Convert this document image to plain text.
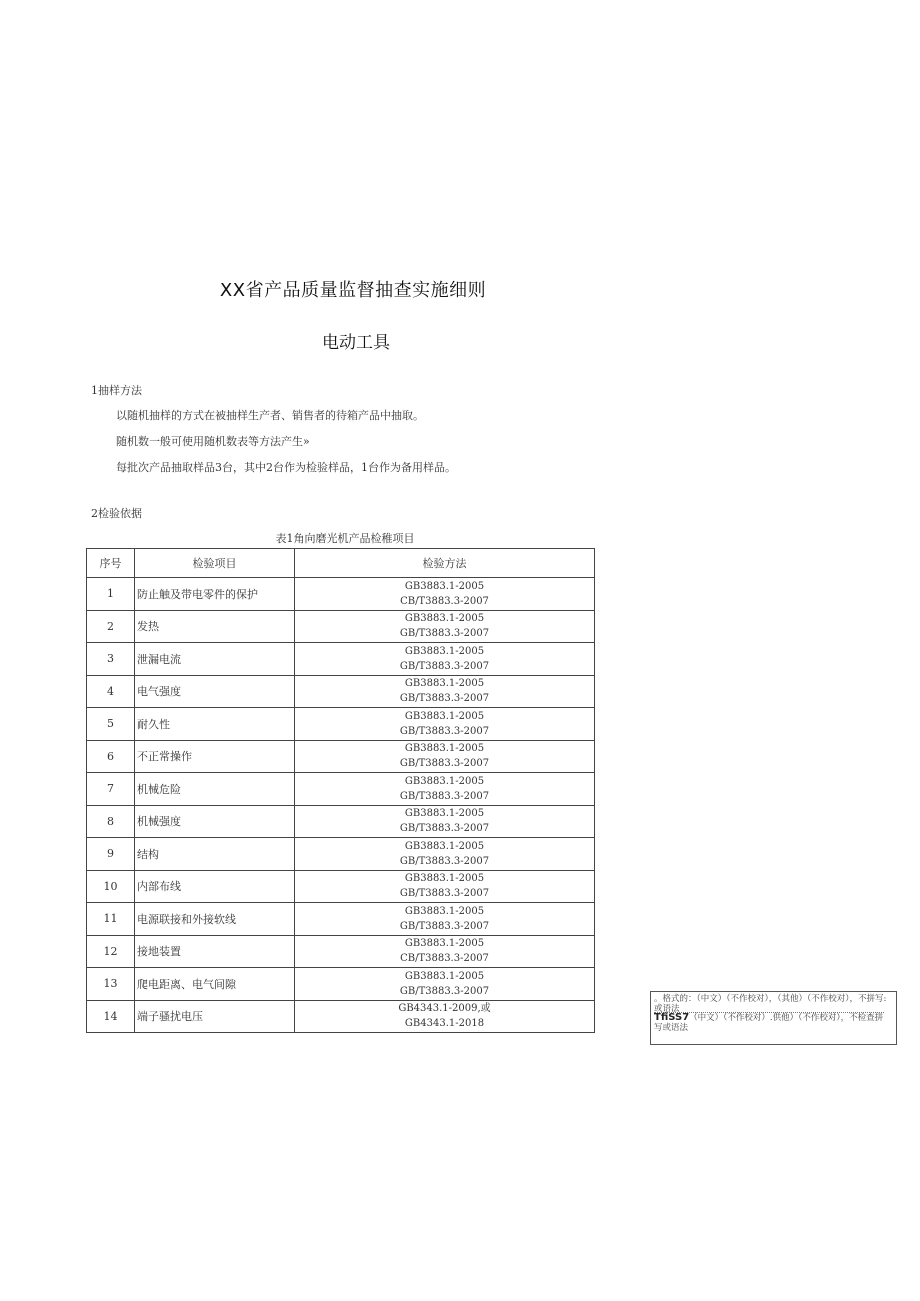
XX省产品质量监督抽查实施细则
电动工具
1抽样方法
以随机抽样的方式在被抽样生产者、销售者的待箱产品中抽取。
随机数一般可使用随机数表等方法产生»
每批次产品抽取样品3台，其中2台作为检验样品，1台作为备用样品。
2检验依据
表1角向磨光机产品检稚项目
序号	检验项目	检验方法
1	防止触及带电零件的保护	GB3883.1-2005
CB/T3883.3-2007

2	发热	GB3883.1-2005
GB/T3883.3-2007

3	泄漏电流	GB3883.1-2005
GB/T3883.3-2007

4	电气强度	GB3883.1-2005
GB/T3883.3-2007

5	耐久性	GB3883.1-2005
GB/T3883.3-2007

6	不正常操作	GB3883.1-2005
GB/T3883.3-2007

7	机械危险	GB3883.1-2005
GB/T3883.3-2007

8	机械强度	GB3883.1-2005
GB/T3883.3-2007

9	结构	GB3883.1-2005
GB/T3883.3-2007

10	内部布线	GB3883.1-2005
GB/T3883.3-2007

11	电源联接和外接软线	GB3883.1-2005
GB/T3883.3-2007

12	接地装置	GB3883.1-2005
CB/T3883.3-2007

13	爬电距离、电气间隙	GB3883.1-2005
GB/T3883.3-2007

14	端子骚扰电压	GB4343.1-2009,或
GB4343.1-2018
。格式的：（中文）（不作校对），（其他）（不作校对），不拼写:或语法
TfiSS7（中文）（不作校对）.供他）（不作校对），不检查拼写或语法
